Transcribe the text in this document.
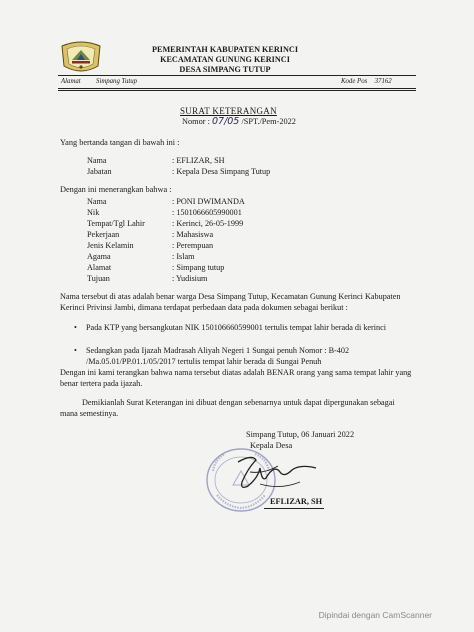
PEMERINTAH KABUPATEN KERINCI
KECAMATAN GUNUNG KERINCI
DESA SIMPANG TUTUP
Alamat Simpang Tutup	Kode Pos 37162
SURAT KETERANGAN
Nomor : 07/05 /SPT./Pem-2022
Yang bertanda tangan di bawah ini :
Nama	: EFLIZAR, SH
Jabatan	: Kepala Desa Simpang Tutup
Dengan ini menerangkan bahwa :
Nama	: PONI DWIMANDA
Nik	: 1501066605990001
Tempat/Tgl Lahir	: Kerinci, 26-05-1999
Pekerjaan	: Mahasiswa
Jenis Kelamin	: Perempuan
Agama	: Islam
Alamat	: Simpang tutup
Tujuan	: Yudisium
Nama tersebut di atas adalah benar warga Desa Simpang Tutup, Kecamatan Gunung Kerinci Kabupaten Kerinci Privinsi Jambi, dimana terdapat perbedaan data pada dokumen sebagai berikut :
• Pada KTP yang bersangkutan NIK 150106660599001 tertulis tempat lahir berada di kerinci
• Sedangkan pada Ijazah Madrasah Aliyah Negeri 1 Sungai penuh Nomor : B-402 /Ma.05.01/PP.01.1/05/2017 tertulis tempat lahir berada di Sungai Penuh
Dengan ini kami terangkan bahwa nama tersebut diatas adalah BENAR orang yang sama tempat lahir yang benar tertera pada ijazah.
Demikianlah Surat Keterangan ini dibuat dengan sebenarnya untuk dapat dipergunakan sebagai mana semestinya.
Simpang Tutup, 06 Januari 2022
Kepala Desa
EFLIZAR, SH
Dipindai dengan CamScanner
